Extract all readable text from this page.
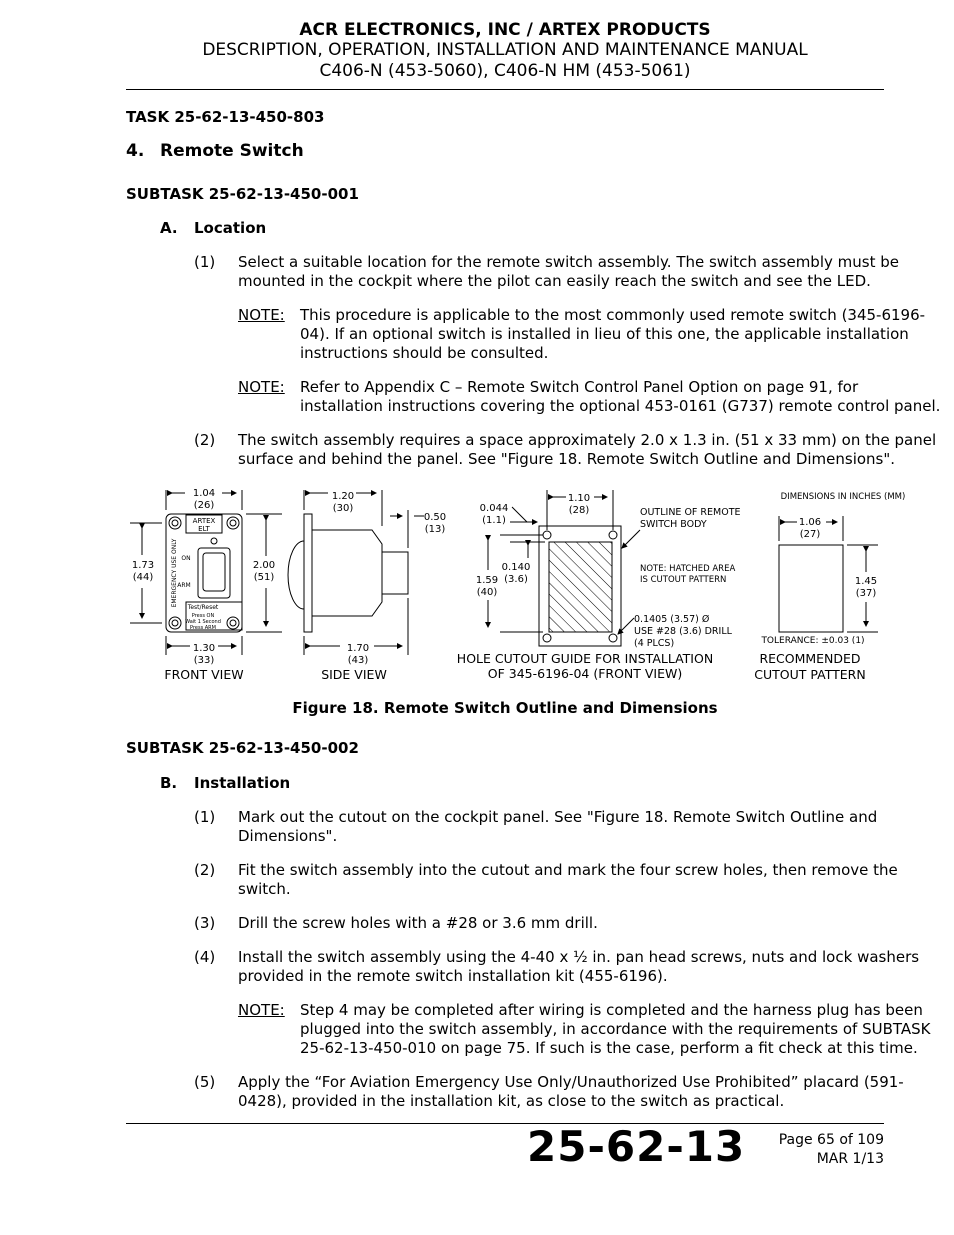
ACR ELECTRONICS, INC / ARTEX PRODUCTS
DESCRIPTION, OPERATION, INSTALLATION AND MAINTENANCE MANUAL
C406-N (453-5060), C406-N HM (453-5061)
TASK 25-62-13-450-803
4. Remote Switch
SUBTASK 25-62-13-450-001
A. Location
(1) Select a suitable location for the remote switch assembly. The switch assembly must be
mounted in the cockpit where the pilot can easily reach the switch and see the LED.
NOTE: This procedure is applicable to the most commonly used remote switch (345-6196-
04). If an optional switch is installed in lieu of this one, the applicable installation
instructions should be consulted.
NOTE: Refer to Appendix C – Remote Switch Control Panel Option on page 91, for
installation instructions covering the optional 453-0161 (G737) remote control panel.
(2) The switch assembly requires a space approximately 2.0 x 1.3 in. (51 x 33 mm) on the panel
surface and behind the panel. See "Figure 18. Remote Switch Outline and Dimensions".
1.04
(26)
1.73
(44)
2.00
(51)
1.30
(33)
ARTEX
ELT
ON
ARM
EMERGENCY USE ONLY
Test/Reset
Press ON
Wait 1 Second
Press ARM
1.20
(30)
0.50
(13)
1.70
(43)
0.044
(1.1)
1.10
(28)
0.140
(3.6)
1.59
(40)
DIMENSIONS IN INCHES (MM)
1.06
(27)
1.45
(37)
TOLERANCE: ±0.03 (1)
OUTLINE OF REMOTE
SWITCH BODY
NOTE: HATCHED AREA
IS CUTOUT PATTERN
0.1405 (3.57) Ø
USE #28 (3.6) DRILL
(4 PLCS)
FRONT VIEW	SIDE VIEW
HOLE CUTOUT GUIDE FOR INSTALLATION
OF 345-6196-04 (FRONT VIEW)
RECOMMENDED
CUTOUT PATTERN
Figure 18. Remote Switch Outline and Dimensions
SUBTASK 25-62-13-450-002
B. Installation
(1) Mark out the cutout on the cockpit panel. See "Figure 18. Remote Switch Outline and
Dimensions".
(2) Fit the switch assembly into the cutout and mark the four screw holes, then remove the
switch.
(3) Drill the screw holes with a #28 or 3.6 mm drill.
(4) Install the switch assembly using the 4-40 x ½ in. pan head screws, nuts and lock washers
provided in the remote switch installation kit (455-6196).
NOTE: Step 4 may be completed after wiring is completed and the harness plug has been
plugged into the switch assembly, in accordance with the requirements of SUBTASK
25-62-13-450-010 on page 75. If such is the case, perform a fit check at this time.
(5) Apply the “For Aviation Emergency Use Only/Unauthorized Use Prohibited” placard (591-
0428), provided in the installation kit, as close to the switch as practical.
25-62-13	Page 65 of 109
MAR 1/13
